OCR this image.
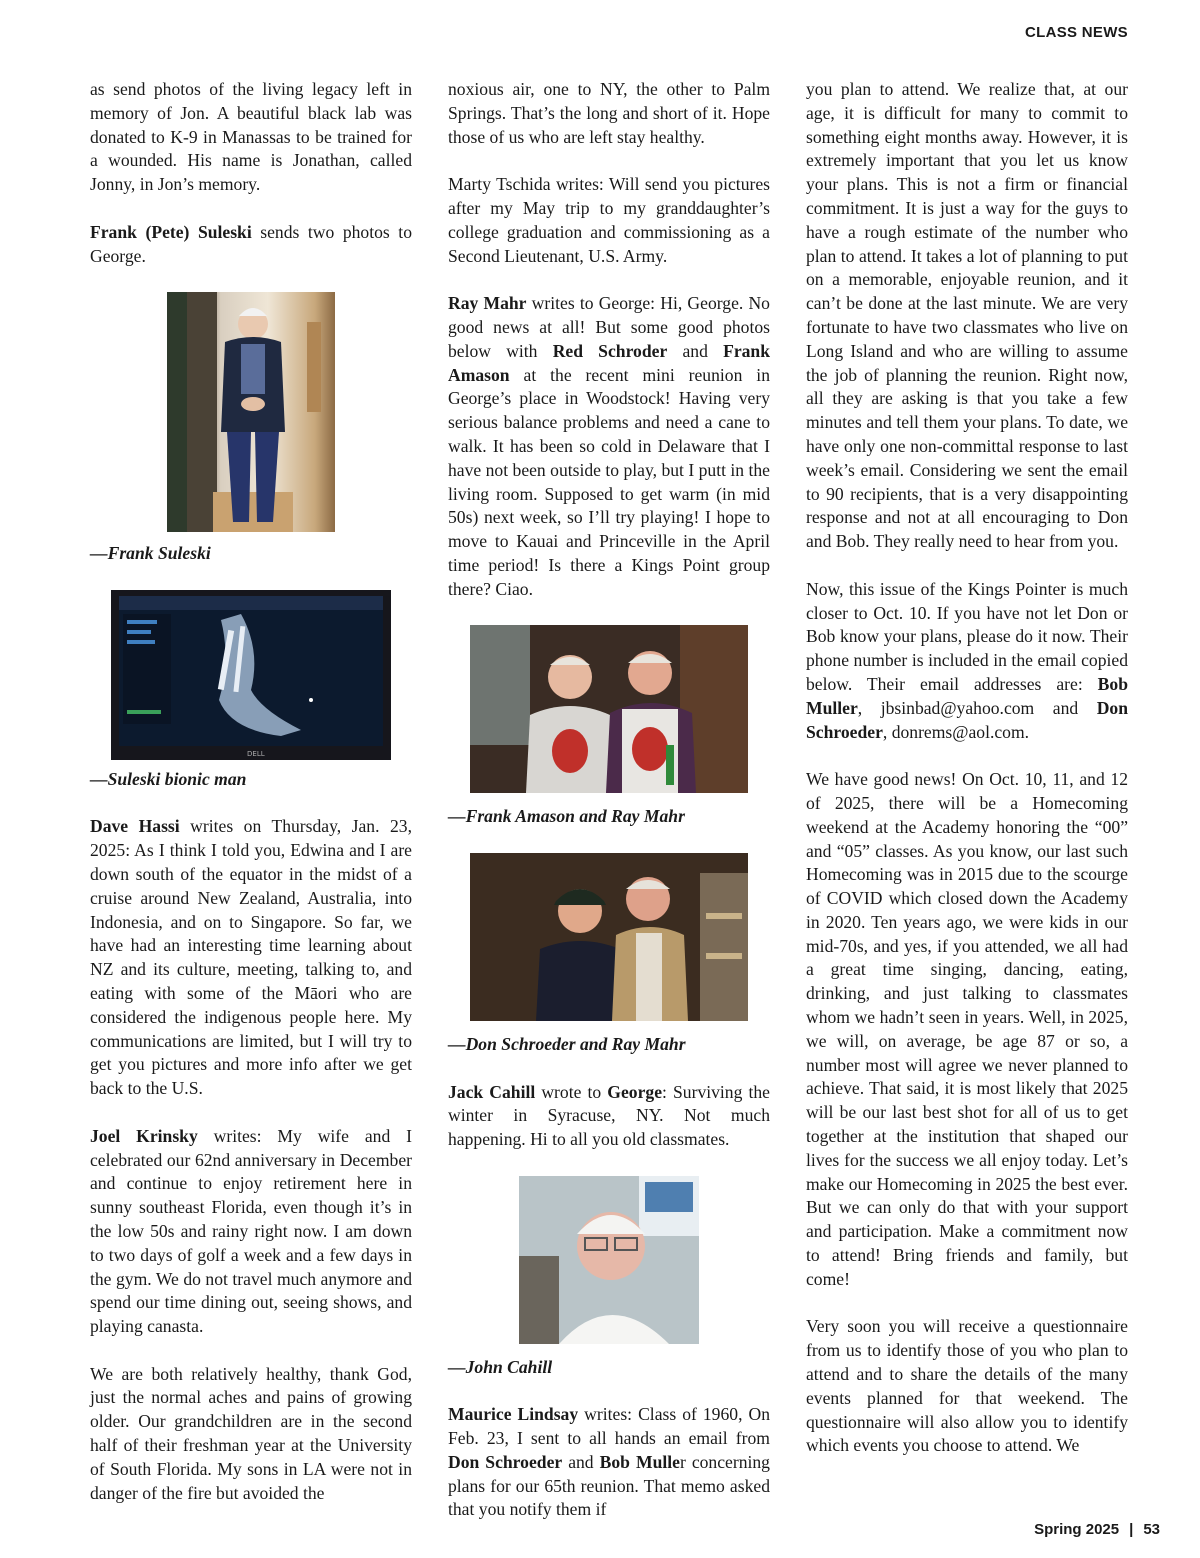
CLASS NEWS

as send photos of the living legacy left in memory of Jon. A beautiful black lab was donated to K-9 in Manassas to be trained for a wounded. His name is Jonathan, called Jonny, in Jon’s memory.

Frank (Pete) Suleski sends two photos to George.

—Frank Suleski
DELL
—Suleski bionic man

Dave Hassi writes on Thursday, Jan. 23, 2025: As I think I told you, Edwina and I are down south of the equator in the midst of a cruise around New Zealand, Australia, into Indonesia, and on to Singapore. So far, we have had an interesting time learning about NZ and its culture, meeting, talking to, and eating with some of the Māori who are considered the indigenous people here. My communications are limited, but I will try to get you pictures and more info after we get back to the U.S.

Joel Krinsky writes: My wife and I celebrated our 62nd anniversary in December and continue to enjoy retirement here in sunny southeast Florida, even though it’s in the low 50s and rainy right now. I am down to two days of golf a week and a few days in the gym. We do not travel much anymore and spend our time dining out, seeing shows, and playing canasta.

We are both relatively healthy, thank God, just the normal aches and pains of growing older. Our grandchildren are in the second half of their freshman year at the University of South Florida. My sons in LA were not in danger of the fire but avoided the

noxious air, one to NY, the other to Palm Springs. That’s the long and short of it. Hope those of us who are left stay healthy.

Marty Tschida writes: Will send you pictures after my May trip to my granddaughter’s college graduation and commissioning as a Second Lieutenant, U.S. Army.

Ray Mahr writes to George: Hi, George. No good news at all! But some good photos below with Red Schroder and Frank Amason at the recent mini reunion in George’s place in Woodstock! Having very serious balance problems and need a cane to walk. It has been so cold in Delaware that I have not been outside to play, but I putt in the living room. Supposed to get warm (in mid 50s) next week, so I’ll try playing! I hope to move to Kauai and Princeville in the April time period! Is there a Kings Point group there? Ciao.

—Frank Amason and Ray Mahr
—Don Schroeder and Ray Mahr

Jack Cahill wrote to George: Surviving the winter in Syracuse, NY. Not much happening. Hi to all you old classmates.

—John Cahill

Maurice Lindsay writes: Class of 1960, On Feb. 23, I sent to all hands an email from Don Schroeder and Bob Muller concerning plans for our 65th reunion. That memo asked that you notify them if

you plan to attend. We realize that, at our age, it is difficult for many to commit to something eight months away. However, it is extremely important that you let us know your plans. This is not a firm or financial commitment. It is just a way for the guys to have a rough estimate of the number who plan to attend. It takes a lot of planning to put on a memorable, enjoyable reunion, and it can’t be done at the last minute. We are very fortunate to have two classmates who live on Long Island and who are willing to assume the job of planning the reunion. Right now, all they are asking is that you take a few minutes and tell them your plans. To date, we have only one non-committal response to last week’s email. Considering we sent the email to 90 recipients, that is a very disappointing response and not at all encouraging to Don and Bob. They really need to hear from you.

Now, this issue of the Kings Pointer is much closer to Oct. 10. If you have not let Don or Bob know your plans, please do it now. Their phone number is included in the email copied below. Their email addresses are: Bob Muller, jbsinbad@yahoo.com and Don Schroeder, donrems@aol.com.

We have good news! On Oct. 10, 11, and 12 of 2025, there will be a Homecoming weekend at the Academy honoring the “00” and “05” classes. As you know, our last such Homecoming was in 2015 due to the scourge of COVID which closed down the Academy in 2020. Ten years ago, we were kids in our mid-70s, and yes, if you attended, we all had a great time singing, dancing, eating, drinking, and just talking to classmates whom we hadn’t seen in years. Well, in 2025, we will, on average, be age 87 or so, a number most will agree we never planned to achieve. That said, it is most likely that 2025 will be our last best shot for all of us to get together at the institution that shaped our lives for the success we all enjoy today. Let’s make our Homecoming in 2025 the best ever. But we can only do that with your support and participation. Make a commitment now to attend! Bring friends and family, but come!

Very soon you will receive a questionnaire from us to identify those of you who plan to attend and to share the details of the many events planned for that weekend. The questionnaire will also allow you to identify which events you choose to attend. We

Spring 2025 | 53
